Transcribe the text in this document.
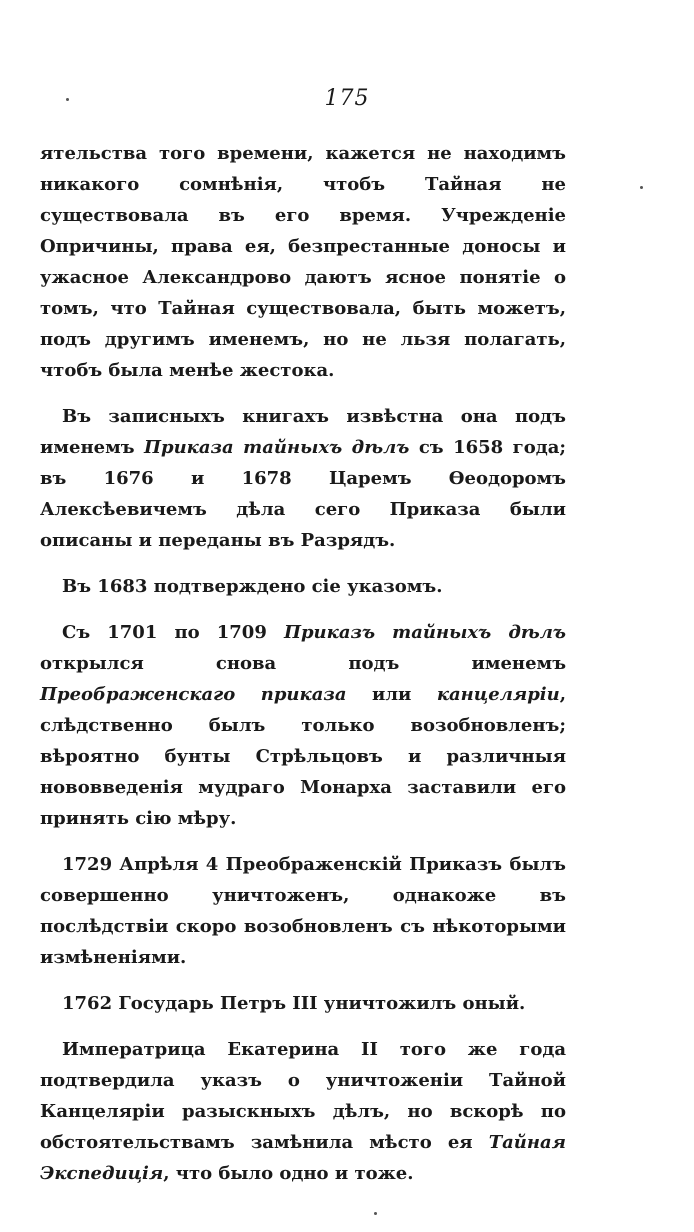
175

ятельства того времени, кажется не находимъ никакого сомнѣнія, чтобъ Тайная не существовала въ его время. Учрежденіе Опричины, права ея, безпрестанные доносы и ужасное Александрово даютъ ясное понятіе о томъ, что Тайная существовала, быть можетъ, подъ другимъ именемъ, но не льзя полагать, чтобъ была менѣе жестока.

Въ записныхъ книгахъ извѣстна она подъ именемъ Приказа тайныхъ дѣлъ съ 1658 года; въ 1676 и 1678 Царемъ Ѳеодоромъ Алексѣевичемъ дѣла сего Приказа были описаны и переданы въ Разрядъ.

Въ 1683 подтверждено сіе указомъ.

Съ 1701 по 1709 Приказъ тайныхъ дѣлъ открылся снова подъ именемъ Преображенскаго приказа или канцелярiи, слѣдственно былъ только возобновленъ; вѣроятно бунты Стрѣльцовъ и различныя нововведенія мудраго Монарха заставили его принять сію мѣру.

1729 Апрѣля 4 Преображенскій Приказъ былъ совершенно уничтоженъ, однакоже въ послѣдствіи скоро возобновленъ съ нѣкоторыми измѣненіями.

1762 Государь Петръ III уничтожилъ оный.

Императрица Екатерина II того же года подтвердила указъ о уничтоженіи Тайной Канцелярiи разыскныхъ дѣлъ, но вскорѣ по обстоятельствамъ замѣнила мѣсто ея Тайная Экспедиція, что было одно и тоже.
